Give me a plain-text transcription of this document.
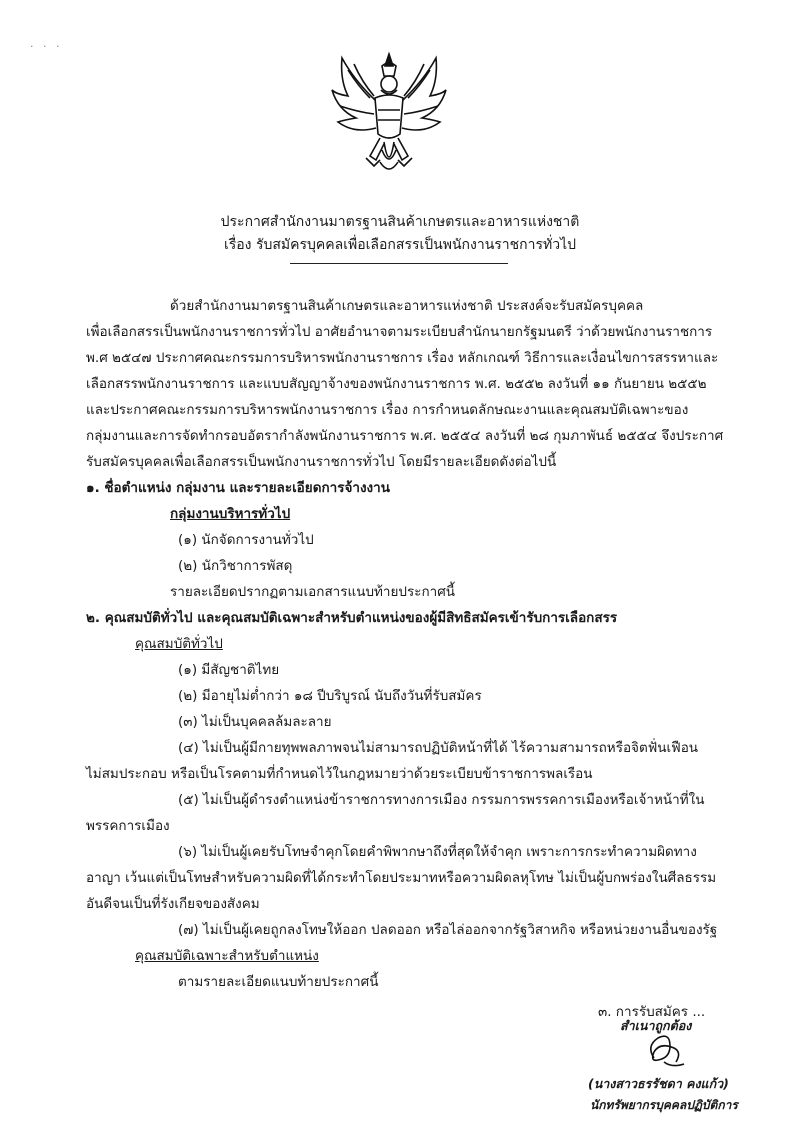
· · ·
ประกาศสำนักงานมาตรฐานสินค้าเกษตรและอาหารแห่งชาติ
เรื่อง รับสมัครบุคคลเพื่อเลือกสรรเป็นพนักงานราชการทั่วไป
ด้วยสำนักงานมาตรฐานสินค้าเกษตรและอาหารแห่งชาติ ประสงค์จะรับสมัครบุคคล
เพื่อเลือกสรรเป็นพนักงานราชการทั่วไป อาศัยอำนาจตามระเบียบสำนักนายกรัฐมนตรี ว่าด้วยพนักงานราชการ
พ.ศ ๒๕๔๗ ประกาศคณะกรรมการบริหารพนักงานราชการ เรื่อง หลักเกณฑ์ วิธีการและเงื่อนไขการสรรหาและ
เลือกสรรพนักงานราชการ และแบบสัญญาจ้างของพนักงานราชการ พ.ศ. ๒๕๕๒ ลงวันที่ ๑๑ กันยายน ๒๕๕๒
และประกาศคณะกรรมการบริหารพนักงานราชการ เรื่อง การกำหนดลักษณะงานและคุณสมบัติเฉพาะของ
กลุ่มงานและการจัดทำกรอบอัตรากำลังพนักงานราชการ พ.ศ. ๒๕๕๔ ลงวันที่ ๒๘ กุมภาพันธ์ ๒๕๕๔ จึงประกาศ
รับสมัครบุคคลเพื่อเลือกสรรเป็นพนักงานราชการทั่วไป โดยมีรายละเอียดดังต่อไปนี้
๑. ชื่อตำแหน่ง กลุ่มงาน และรายละเอียดการจ้างงาน
กลุ่มงานบริหารทั่วไป
(๑) นักจัดการงานทั่วไป
(๒) นักวิชาการพัสดุ
รายละเอียดปรากฏตามเอกสารแนบท้ายประกาศนี้
๒. คุณสมบัติทั่วไป และคุณสมบัติเฉพาะสำหรับตำแหน่งของผู้มีสิทธิสมัครเข้ารับการเลือกสรร
คุณสมบัติทั่วไป
(๑) มีสัญชาติไทย
(๒) มีอายุไม่ต่ำกว่า ๑๘ ปีบริบูรณ์ นับถึงวันที่รับสมัคร
(๓) ไม่เป็นบุคคลล้มละลาย
(๔) ไม่เป็นผู้มีกายทุพพลภาพจนไม่สามารถปฏิบัติหน้าที่ได้ ไร้ความสามารถหรือจิตฟั่นเฟือน
ไม่สมประกอบ หรือเป็นโรคตามที่กำหนดไว้ในกฎหมายว่าด้วยระเบียบข้าราชการพลเรือน
(๕) ไม่เป็นผู้ดำรงตำแหน่งข้าราชการทางการเมือง กรรมการพรรคการเมืองหรือเจ้าหน้าที่ใน
พรรคการเมือง
(๖) ไม่เป็นผู้เคยรับโทษจำคุกโดยคำพิพากษาถึงที่สุดให้จำคุก เพราะการกระทำความผิดทาง
อาญา เว้นแต่เป็นโทษสำหรับความผิดที่ได้กระทำโดยประมาทหรือความผิดลหุโทษ ไม่เป็นผู้บกพร่องในศีลธรรม
อันดีจนเป็นที่รังเกียจของสังคม
(๗) ไม่เป็นผู้เคยถูกลงโทษให้ออก ปลดออก หรือไล่ออกจากรัฐวิสาหกิจ หรือหน่วยงานอื่นของรัฐ
คุณสมบัติเฉพาะสำหรับตำแหน่ง
ตามรายละเอียดแนบท้ายประกาศนี้
๓. การรับสมัคร ...
สำเนาถูกต้อง
(นางสาวธรรัชดา คงแก้ว)
นักทรัพยากรบุคคลปฏิบัติการ
